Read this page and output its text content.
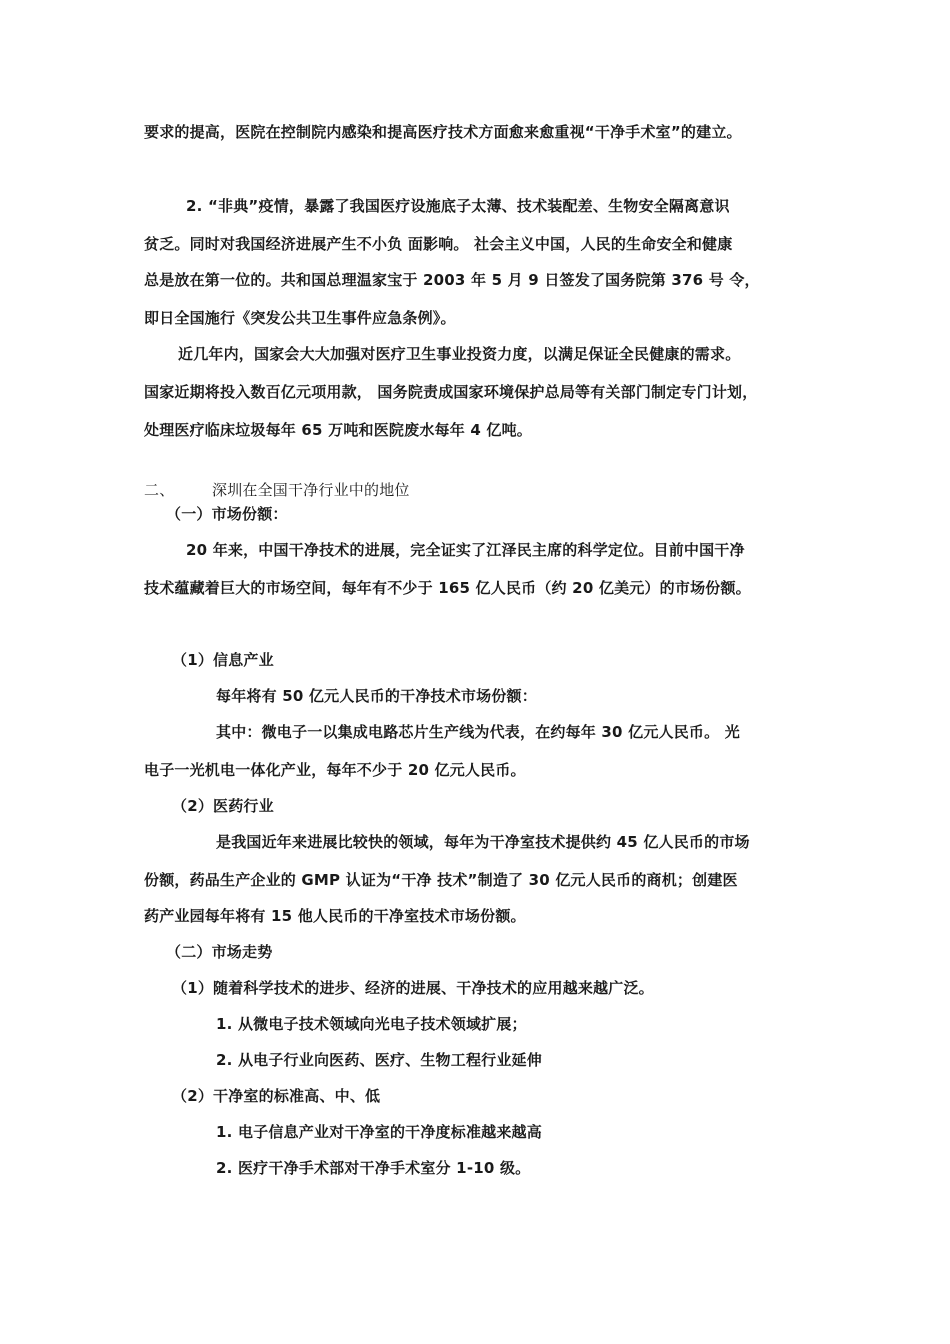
要求的提高，医院在控制院内感染和提高医疗技术方面愈来愈重视“干净手术室”的建立。
2. “非典”疫情，暴露了我国医疗设施底子太薄、技术装配差、生物安全隔离意识
贫乏。同时对我国经济进展产生不小负 面影响。 社会主义中国，人民的生命安全和健康
总是放在第一位的。共和国总理温家宝于 2003 年 5 月 9 日签发了国务院第 376 号 令，
即日全国施行《突发公共卫生事件应急条例》。
近几年内，国家会大大加强对医疗卫生事业投资力度，以满足保证全民健康的需求。
国家近期将投入数百亿元项用款， 国务院责成国家环境保护总局等有关部门制定专门计划，
处理医疗临床垃圾每年 65 万吨和医院废水每年 4 亿吨。
二、	深圳在全国干净行业中的地位
（一）市场份额：
20 年来，中国干净技术的进展，完全证实了江泽民主席的科学定位。目前中国干净
技术蕴藏着巨大的市场空间，每年有不少于 165 亿人民币（约 20 亿美元）的市场份额。
（1）信息产业
每年将有 50 亿元人民币的干净技术市场份额：
其中：微电子一以集成电路芯片生产线为代表，在约每年 30 亿元人民币。 光
电子一光机电一体化产业，每年不少于 20 亿元人民币。
（2）医药行业
是我国近年来进展比较快的领域，每年为干净室技术提供约 45 亿人民币的市场
份额，药品生产企业的 GMP 认证为“干净 技术”制造了 30 亿元人民币的商机；创建医
药产业园每年将有 15 他人民币的干净室技术市场份额。
（二）市场走势
（1）随着科学技术的进步、经济的进展、干净技术的应用越来越广泛。
1. 从微电子技术领域向光电子技术领域扩展；
2. 从电子行业向医药、医疗、生物工程行业延伸
（2）干净室的标准高、中、低
1. 电子信息产业对干净室的干净度标准越来越高
2. 医疗干净手术部对干净手术室分 1-10 级。
